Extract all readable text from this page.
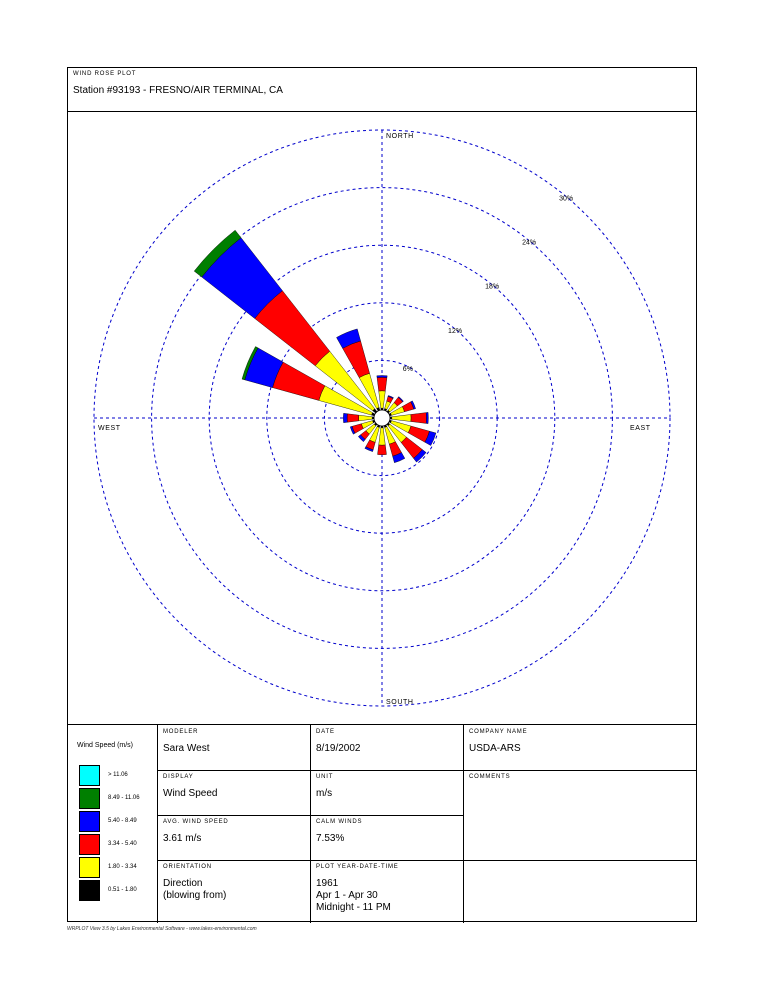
WIND ROSE PLOT
Station #93193 - FRESNO/AIR TERMINAL, CA
6%
12%
18%
24%
30%
NORTH
EAST
SOUTH
WEST
Wind Speed (m/s)
> 11.06
8.49 - 11.06
5.40 - 8.49
3.34 - 5.40
1.80 - 3.34
0.51 - 1.80
MODELER
Sara West
DATE
8/19/2002
COMPANY NAME
USDA-ARS
DISPLAY
Wind Speed
UNIT
m/s
COMMENTS
AVG. WIND SPEED
3.61 m/s
CALM WINDS
7.53%
ORIENTATION
Direction
(blowing from)
PLOT YEAR-DATE-TIME
1961
Apr 1 - Apr 30
Midnight - 11 PM
WRPLOT View 3.5 by Lakes Environmental Software - www.lakes-environmental.com
